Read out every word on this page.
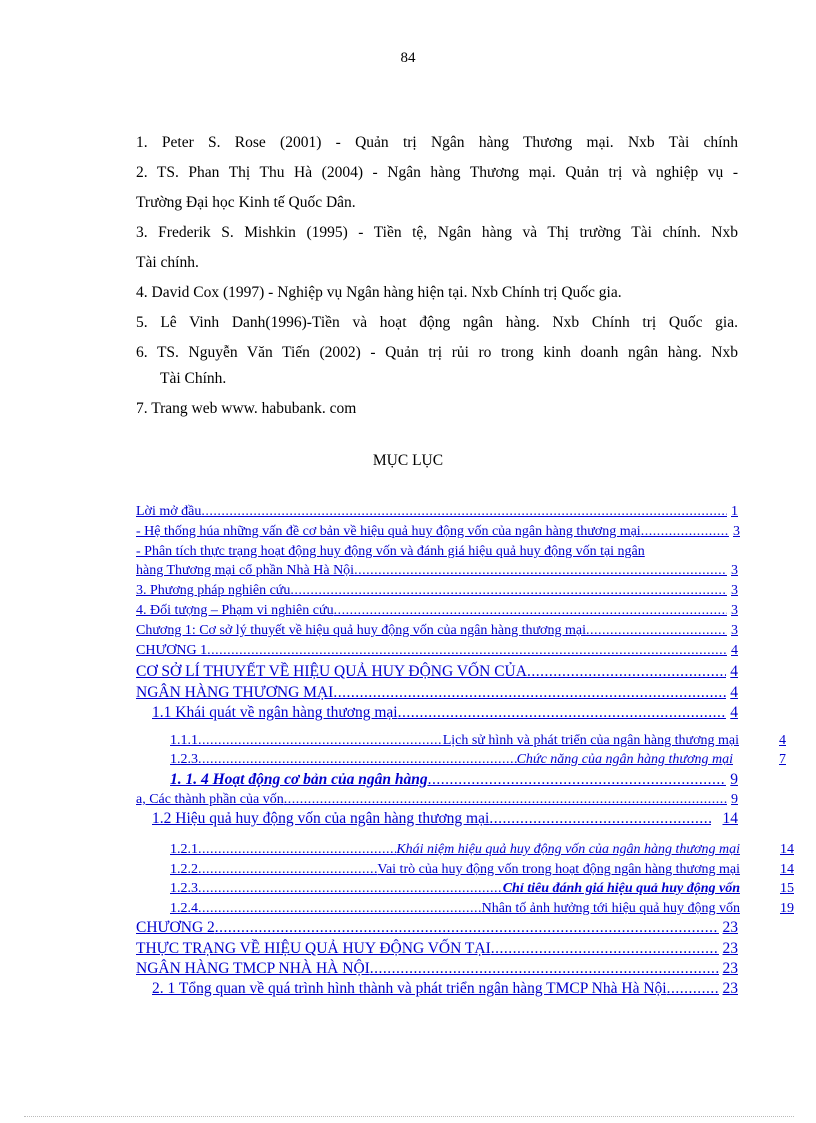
84
1. Peter S. Rose (2001) - Quản trị Ngân hàng Thương mại. Nxb Tài chính
2. TS. Phan Thị Thu Hà (2004) - Ngân hàng Thương mại. Quản trị và nghiệp vụ -
Trường Đại học Kinh tế Quốc Dân.
3. Frederik S. Mishkin (1995) - Tiền tệ, Ngân hàng và Thị trường Tài chính. Nxb
Tài chính.
4. David Cox (1997) - Nghiệp vụ Ngân hàng hiện tại. Nxb Chính trị Quốc gia.
5. Lê Vinh Danh(1996)-Tiền và hoạt động ngân hàng. Nxb Chính trị Quốc gia.
6. TS. Nguyễn Văn Tiến (2002) - Quản trị rủi ro trong kinh doanh ngân hàng. Nxb
Tài Chính.
7. Trang web www. habubank. com
MỤC LỤC
Lời mở đầu .....	1
- Hệ thống húa những vấn đề cơ bản về hiệu quả huy động vốn của ngân hàng thương mại .....	3
- Phân tích thực trạng hoạt động huy động vốn và đánh giá hiệu quả huy động vốn tại ngân
hàng Thương mại cổ phần Nhà Hà Nội .....	3
3. Phương pháp nghiên cứu .....	3
4. Đối tượng – Phạm vi nghiên cứu .....	3
Chương 1: Cơ sở lý thuyết về hiệu quả huy động vốn của ngân hàng thương mại .....	3
CHƯƠNG 1 .....	4
CƠ SỞ LÍ THUYẾT VỀ HIỆU QUẢ HUY ĐỘNG VỐN CỦA .....	4
NGÂN HÀNG THƯƠNG MẠI .....	4
1.1 Khái quát về ngân hàng thương mại .....	4
1.1.1 .....	Lịch sử hình và phát triển của ngân hàng thương mại	4
1.2.3 .....	Chức năng của ngân hàng thương mại	7
1. 1. 4 Hoạt động cơ bản của ngân hàng .....	9
a, Các thành phần của vốn .....	9
1.2 Hiệu quả huy động vốn của ngân hàng thương mại .....	14
1.2.1 .....	Khái niệm hiệu quả huy động vốn của ngân hàng thương mại	14
1.2.2 .....	Vai trò của huy động vốn trong hoạt động ngân hàng thương mại	14
1.2.3 .....	Chỉ tiêu đánh giá hiệu quả huy động vốn	15
1.2.4 .....	Nhân tố ảnh hưởng tới hiệu quả huy động vốn	19
CHƯƠNG 2 .....	23
THỰC TRẠNG VỀ HIỆU QUẢ HUY ĐỘNG VỐN TẠI .....	23
NGÂN HÀNG TMCP NHÀ HÀ NỘI .....	23
2. 1 Tổng quan về quá trình hình thành và phát triển ngân hàng TMCP Nhà Hà Nội .....	23
